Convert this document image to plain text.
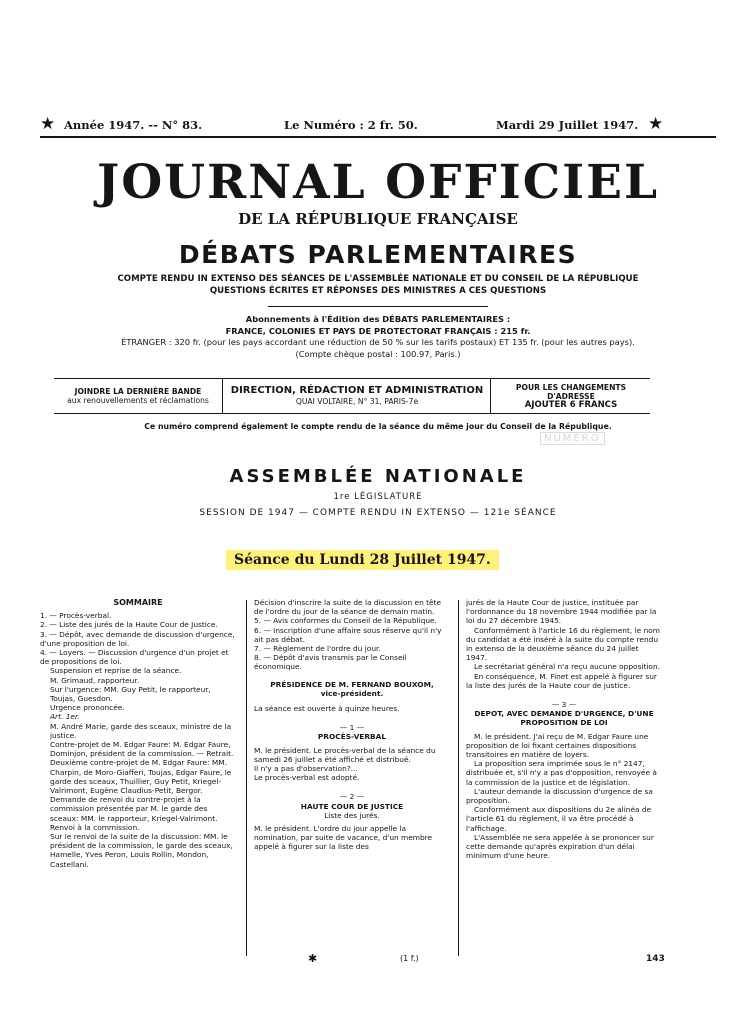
★ Année 1947. -- N° 83.	Le Numéro : 2 fr. 50.	Mardi 29 Juillet 1947. ★
JOURNAL OFFICIEL
DE LA RÉPUBLIQUE FRANÇAISE
DÉBATS PARLEMENTAIRES
COMPTE RENDU IN EXTENSO DES SÉANCES DE L'ASSEMBLÉE NATIONALE ET DU CONSEIL DE LA RÉPUBLIQUE
QUESTIONS ÉCRITES ET RÉPONSES DES MINISTRES A CES QUESTIONS
Abonnements à l'Édition des DÉBATS PARLEMENTAIRES :
FRANCE, COLONIES ET PAYS DE PROTECTORAT FRANÇAIS : 215 fr.
ÉTRANGER : 320 fr. (pour les pays accordant une réduction de 50 % sur les tarifs postaux) ET 135 fr. (pour les autres pays).
(Compte chèque postal : 100.97, Paris.)
JOINDRE LA DERNIÈRE BANDE
aux renouvellements et réclamations
DIRECTION, RÉDACTION ET ADMINISTRATION
QUAI VOLTAIRE, N° 31, PARIS-7e
POUR LES CHANGEMENTS D'ADRESSE
AJOUTER 6 FRANCS
Ce numéro comprend également le compte rendu de la séance du même jour du Conseil de la République.
NUMÉRO
ASSEMBLÉE NATIONALE
1re LÉGISLATURE
SESSION DE 1947 — COMPTE RENDU IN EXTENSO — 121e SÉANCE
Séance du Lundi 28 Juillet 1947.

SOMMAIRE

1. — Procès-verbal.

2. — Liste des jurés de la Haute Cour de Justice.

3. — Dépôt, avec demande de discussion d'urgence, d'une proposition de loi.

4. — Loyers. — Discussion d'urgence d'un projet et de propositions de loi.

Suspension et reprise de la séance.

M. Grimaud, rapporteur.

Sur l'urgence: MM. Guy Petit, le rapporteur, Toujas, Guesdon.

Urgence prononcée.

Art. 1er.

M. André Marie, garde des sceaux, ministre de la justice.

Contre-projet de M. Edgar Faure: M. Edgar Faure, Dominjon, président de la commission. — Retrait.

Deuxième contre-projet de M. Edgar Faure: MM. Charpin, de Moro-Giafferi, Toujas, Edgar Faure, le garde des sceaux, Thuillier, Guy Petit, Kriegel-Valrimont, Eugène Claudius-Petit, Bergor.

Demande de renvoi du contre-projet à la commission présentée par M. le garde des sceaux: MM. le rapporteur, Kriegel-Valrimont.

Renvoi à la commission.

Sur le renvoi de la suite de la discussion: MM. le président de la commission, le garde des sceaux, Hamelle, Yves Peron, Louis Rollin, Mondon, Castellani.

Décision d'inscrire la suite de la discussion en tête de l'ordre du jour de la séance de demain matin.

5. — Avis conformes du Conseil de la République.

6. — Inscription d'une affaire sous réserve qu'il n'y ait pas débat.

7. — Règlement de l'ordre du jour.

8. — Dépôt d'avis transmis par le Conseil économique.

PRÉSIDENCE DE M. FERNAND BOUXOM,

vice-président.

La séance est ouverte à quinze heures.

— 1 —

PROCÈS-VERBAL

M. le président. Le procès-verbal de la séance du samedi 26 juillet a été affiché et distribué.

Il n'y a pas d'observation?...

Le procès-verbal est adopté.

— 2 —

HAUTE COUR DE JUSTICE

Liste des jurés.

M. le président. L'ordre du jour appelle la nomination, par suite de vacance, d'un membre appelé à figurer sur la liste des

jurés de la Haute Cour de justice, instituée par l'ordonnance du 18 novembre 1944 modifiée par la loi du 27 décembre 1945.

Conformément à l'article 16 du règlement, le nom du candidat a été inséré à la suite du compte rendu in extenso de la deuxième séance du 24 juillet 1947.

Le secrétariat général n'a reçu aucune opposition.

En conséquence, M. Finet est appelé à figurer sur la liste des jurés de la Haute cour de justice.

— 3 —

DEPOT, AVEC DEMANDE D'URGENCE, D'UNE PROPOSITION DE LOI

M. le président. J'ai reçu de M. Edgar Faure une proposition de loi fixant certaines dispositions transitoires en matière de loyers.

La proposition sera imprimée sous le n° 2147, distribuée et, s'il n'y a pas d'opposition, renvoyée à la commission de la justice et de législation.

L'auteur demande la discussion d'urgence de sa proposition.

Conformément aux dispositions du 2e alinéa de l'article 61 du règlement, il va être procédé à l'affichage.

L'Assemblée ne sera appelée à se prononcer sur cette demande qu'après expiration d'un délai minimum d'une heure.

✱	(1 f.)	143
